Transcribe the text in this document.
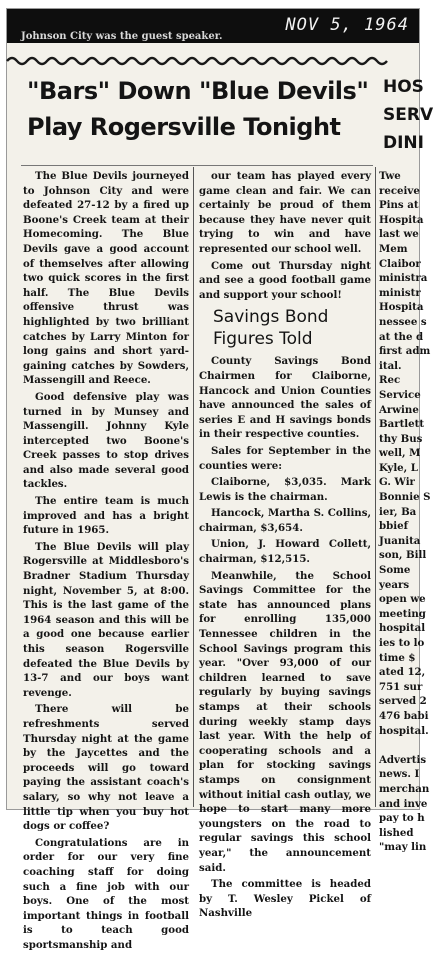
NOV 5, 1964
Johnson City was the guest speaker.
"Bars" Down "Blue Devils"
Play Rogersville Tonight
HOS
SERV
DINI

The Blue Devils journeyed to Johnson City and were defeated 27-12 by a fired up Boone's Creek team at their Homecoming. The Blue Devils gave a good account of themselves after allowing two quick scores in the first half. The Blue Devils offensive thrust was highlighted by two brilliant catches by Larry Minton for long gains and short yard-gaining catches by Sowders, Massengill and Reece.

Good defensive play was turned in by Munsey and Massengill. Johnny Kyle intercepted two Boone's Creek passes to stop drives and also made several good tackles.

The entire team is much improved and has a bright future in 1965.

The Blue Devils will play Rogersville at Middlesboro's Bradner Stadium Thursday night, November 5, at 8:00. This is the last game of the 1964 season and this will be a good one because earlier this season Rogersville defeated the Blue Devils by 13-7 and our boys want revenge.

There will be refreshments served Thursday night at the game by the Jaycettes and the proceeds will go toward paying the assistant coach's salary, so why not leave a little tip when you buy hot dogs or coffee?

Congratulations are in order for our very fine coaching staff for doing such a fine job with our boys. One of the most important things in football is to teach good sportsmanship and

our team has played every game clean and fair. We can certainly be proud of them because they have never quit trying to win and have represented our school well.

Come out Thursday night and see a good football game and support your school!

Savings Bond Figures Told

County Savings Bond Chairmen for Claiborne, Hancock and Union Counties have announced the sales of series E and H savings bonds in their respective counties.

Sales for September in the counties were:

Claiborne, $3,035. Mark Lewis is the chairman.

Hancock, Martha S. Collins, chairman, $3,654.

Union, J. Howard Collett, chairman, $12,515.

Meanwhile, the School Savings Committee for the state has announced plans for enrolling 135,000 Tennessee children in the School Savings program this year. "Over 93,000 of our children learned to save regularly by buying savings stamps at their schools during weekly stamp days last year. With the help of cooperating schools and a plan for stocking savings stamps on consignment without initial cash outlay, we hope to start many more youngsters on the road to regular savings this school year," the announcement said.

The committee is headed by T. Wesley Pickel of Nashville

Twe
receive
Pins at
Hospita
last we
Mem
Claibor
ministra
ministr
Hospita
nessee s
at the d
first adm
ital.
Rec
Service
Arwine
Bartlett
thy Bus
well, M
Kyle, L
G. Wir
Bonnie S
ier, Ba
bbief
Juanita
son, Bill
Some
years
open we
meeting
hospital
ies to lo
time $
ated 12,
751 sur
served 2
476 babi
hospital.

Advertis
news. I
merchan
and inve
pay to h
lished
"may lin
